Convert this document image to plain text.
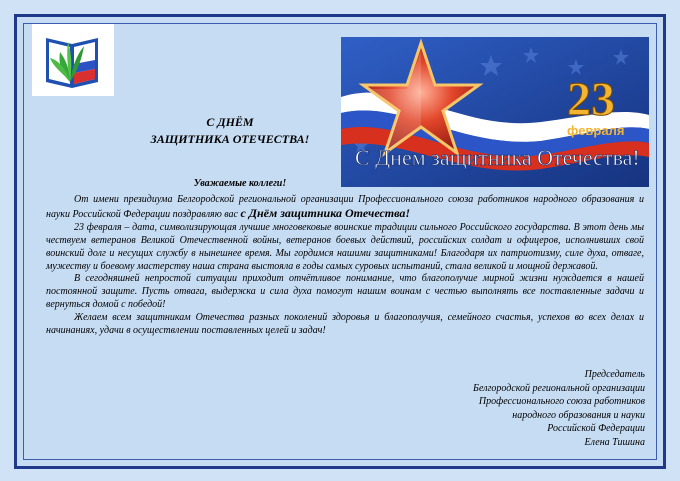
23
февраля
С Днем защитника Отечества!
С ДНЁМ
ЗАЩИТНИКА ОТЕЧЕСТВА!
Уважаемые коллеги!

От имени президиума Белгородской региональной организации Профессионального союза работников народного образования и науки Российской Федерации поздравляю вас с Днём защитника Отечества!

23 февраля – дата, символизирующая лучшие многовековые воинские традиции сильного Российского государства. В этот день мы чествуем ветеранов Великой Отечественной войны, ветеранов боевых действий, российских солдат и офицеров, исполнивших свой воинский долг и несущих службу в нынешнее время. Мы гордимся нашими защитниками! Благодаря их патриотизму, силе духа, отваге, мужеству и боевому мастерству наша страна выстояла в годы самых суровых испытаний, стала великой и мощной державой.

В сегодняшней непростой ситуации приходит отчётливое понимание, что благополучие мирной жизни нуждается в нашей постоянной защите. Пусть отвага, выдержка и сила духа помогут нашим воинам с честью выполнять все поставленные задачи и вернуться домой с победой!

Желаем всем защитникам Отечества разных поколений здоровья и благополучия, семейного счастья, успехов во всех делах и начинаниях, удачи в осуществлении поставленных целей и задач!

Председатель
Белгородской региональной организации
Профессионального союза работников
народного образования и науки
Российской Федерации
Елена Тишина
